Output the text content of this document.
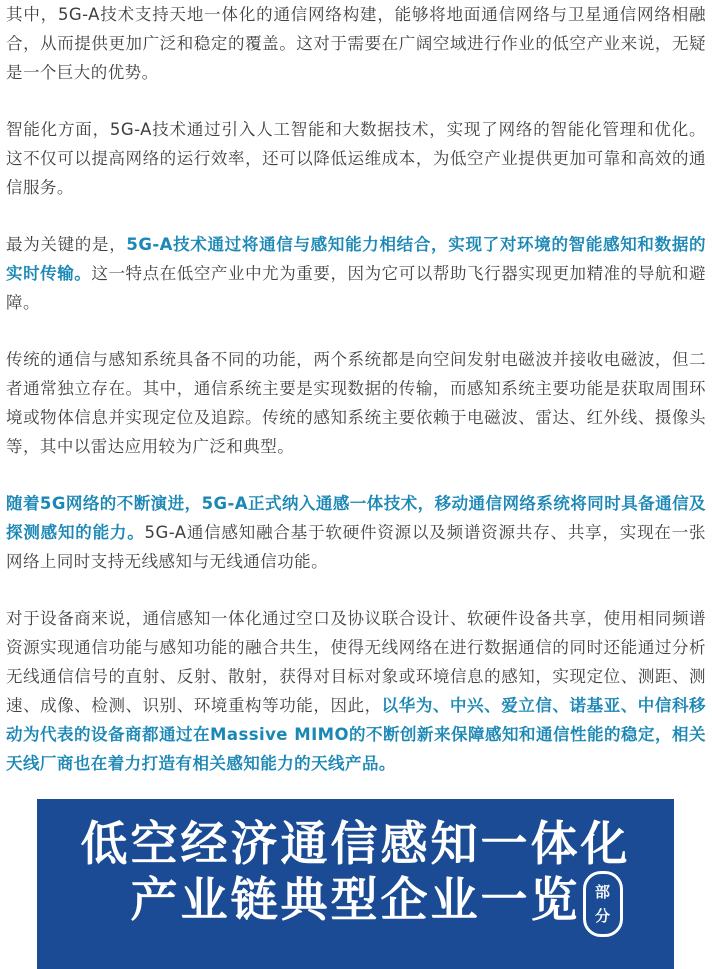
其中，5G-A技术支持天地一体化的通信网络构建，能够将地面通信网络与卫星通信网络相融合，从而提供更加广泛和稳定的覆盖。这对于需要在广阔空域进行作业的低空产业来说，无疑是一个巨大的优势。

智能化方面，5G-A技术通过引入人工智能和大数据技术，实现了网络的智能化管理和优化。这不仅可以提高网络的运行效率，还可以降低运维成本，为低空产业提供更加可靠和高效的通信服务。

最为关键的是，5G-A技术通过将通信与感知能力相结合，实现了对环境的智能感知和数据的实时传输。这一特点在低空产业中尤为重要，因为它可以帮助飞行器实现更加精准的导航和避障。

传统的通信与感知系统具备不同的功能，两个系统都是向空间发射电磁波并接收电磁波，但二者通常独立存在。其中，通信系统主要是实现数据的传输，而感知系统主要功能是获取周围环境或物体信息并实现定位及追踪。传统的感知系统主要依赖于电磁波、雷达、红外线、摄像头等，其中以雷达应用较为广泛和典型。

随着5G网络的不断演进，5G-A正式纳入通感一体技术，移动通信网络系统将同时具备通信及探测感知的能力。5G-A通信感知融合基于软硬件资源以及频谱资源共存、共享，实现在一张网络上同时支持无线感知与无线通信功能。

对于设备商来说，通信感知一体化通过空口及协议联合设计、软硬件设备共享，使用相同频谱资源实现通信功能与感知功能的融合共生，使得无线网络在进行数据通信的同时还能通过分析无线通信信号的直射、反射、散射，获得对目标对象或环境信息的感知，实现定位、测距、测速、成像、检测、识别、环境重构等功能，因此，以华为、中兴、爱立信、诺基亚、中信科移动为代表的设备商都通过在Massive MIMO的不断创新来保障感知和通信性能的稳定，相关天线厂商也在着力打造有相关感知能力的天线产品。

低空经济通信感知一体化
产业链典型企业一览 部
分
